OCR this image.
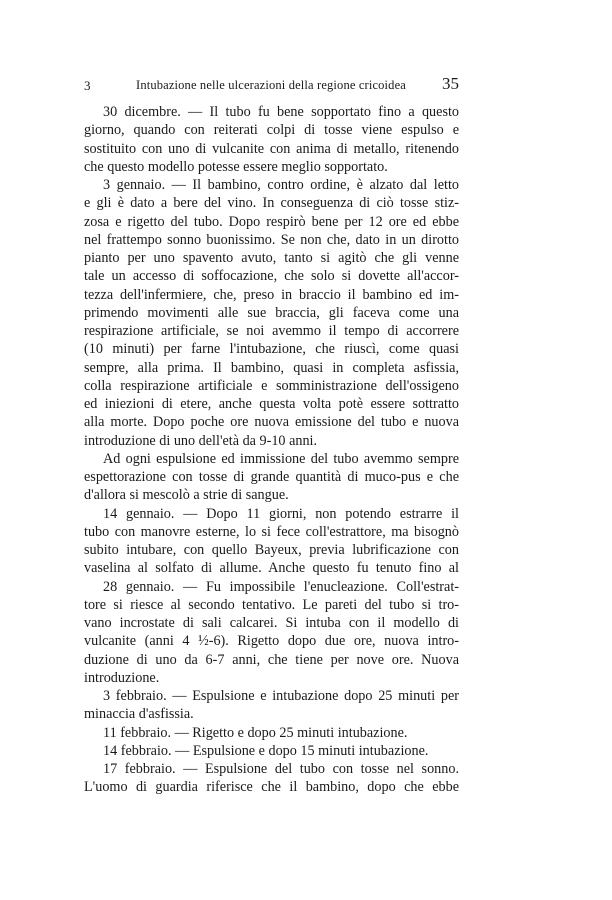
3	Intubazione nelle ulcerazioni della regione cricoidea 35
30 dicembre. — Il tubo fu bene sopportato fino a questo
giorno, quando con reiterati colpi di tosse viene espulso e
sostituito con uno di vulcanite con anima di metallo, ritenendo
che questo modello potesse essere meglio sopportato.
3 gennaio. — Il bambino, contro ordine, è alzato dal letto
e gli è dato a bere del vino. In conseguenza di ciò tosse stiz-
zosa e rigetto del tubo. Dopo respirò bene per 12 ore ed ebbe
nel frattempo sonno buonissimo. Se non che, dato in un dirotto
pianto per uno spavento avuto, tanto si agitò che gli venne
tale un accesso di soffocazione, che solo si dovette all'accor-
tezza dell'infermiere, che, preso in braccio il bambino ed im-
primendo movimenti alle sue braccia, gli faceva come una
respirazione artificiale, se noi avemmo il tempo di accorrere
(10 minuti) per farne l'intubazione, che riuscì, come quasi
sempre, alla prima. Il bambino, quasi in completa asfissia,
colla respirazione artificiale e somministrazione dell'ossigeno
ed iniezioni di etere, anche questa volta potè essere sottratto
alla morte. Dopo poche ore nuova emissione del tubo e nuova
introduzione di uno dell'età da 9-10 anni.
Ad ogni espulsione ed immissione del tubo avemmo sempre
espettorazione con tosse di grande quantità di muco-pus e che
d'allora si mescolò a strie di sangue.
14 gennaio. — Dopo 11 giorni, non potendo estrarre il
tubo con manovre esterne, lo si fece coll'estrattore, ma bisognò
subito intubare, con quello Bayeux, previa lubrificazione con
vaselina al solfato di allume. Anche questo fu tenuto fino al
28 gennaio. — Fu impossibile l'enucleazione. Coll'estrat-
tore si riesce al secondo tentativo. Le pareti del tubo si tro-
vano incrostate di sali calcarei. Si intuba con il modello di
vulcanite (anni 4 ½-6). Rigetto dopo due ore, nuova intro-
duzione di uno da 6-7 anni, che tiene per nove ore. Nuova
introduzione.
3 febbraio. — Espulsione e intubazione dopo 25 minuti per
minaccia d'asfissia.
11 febbraio. — Rigetto e dopo 25 minuti intubazione.
14 febbraio. — Espulsione e dopo 15 minuti intubazione.
17 febbraio. — Espulsione del tubo con tosse nel sonno.
L'uomo di guardia riferisce che il bambino, dopo che ebbe
